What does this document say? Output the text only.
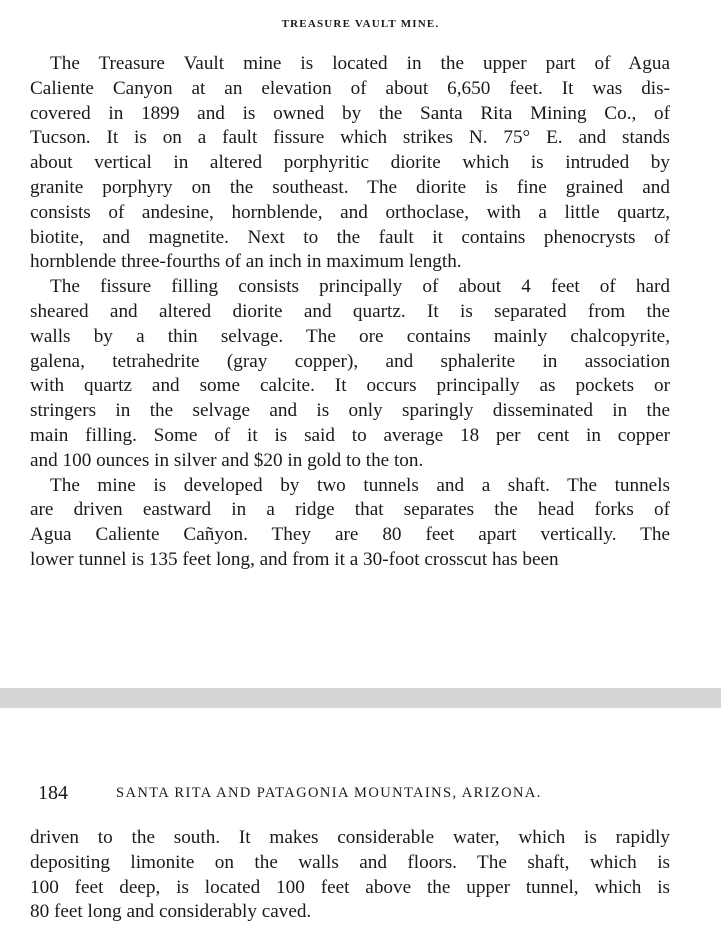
TREASURE VAULT MINE.

The Treasure Vault mine is located in the upper part of Agua
Caliente Canyon at an elevation of about 6,650 feet. It was dis-
covered in 1899 and is owned by the Santa Rita Mining Co., of
Tucson. It is on a fault fissure which strikes N. 75° E. and stands
about vertical in altered porphyritic diorite which is intruded by
granite porphyry on the southeast. The diorite is fine grained and
consists of andesine, hornblende, and orthoclase, with a little quartz,
biotite, and magnetite. Next to the fault it contains phenocrysts of
hornblende three-fourths of an inch in maximum length.

The fissure filling consists principally of about 4 feet of hard
sheared and altered diorite and quartz. It is separated from the
walls by a thin selvage. The ore contains mainly chalcopyrite,
galena, tetrahedrite (gray copper), and sphalerite in association
with quartz and some calcite. It occurs principally as pockets or
stringers in the selvage and is only sparingly disseminated in the
main filling. Some of it is said to average 18 per cent in copper
and 100 ounces in silver and $20 in gold to the ton.

The mine is developed by two tunnels and a shaft. The tunnels
are driven eastward in a ridge that separates the head forks of
Agua Caliente Cañyon. They are 80 feet apart vertically. The
lower tunnel is 135 feet long, and from it a 30-foot crosscut has been

184	SANTA RITA AND PATAGONIA MOUNTAINS, ARIZONA.

driven to the south. It makes considerable water, which is rapidly
depositing limonite on the walls and floors. The shaft, which is
100 feet deep, is located 100 feet above the upper tunnel, which is
80 feet long and considerably caved.
